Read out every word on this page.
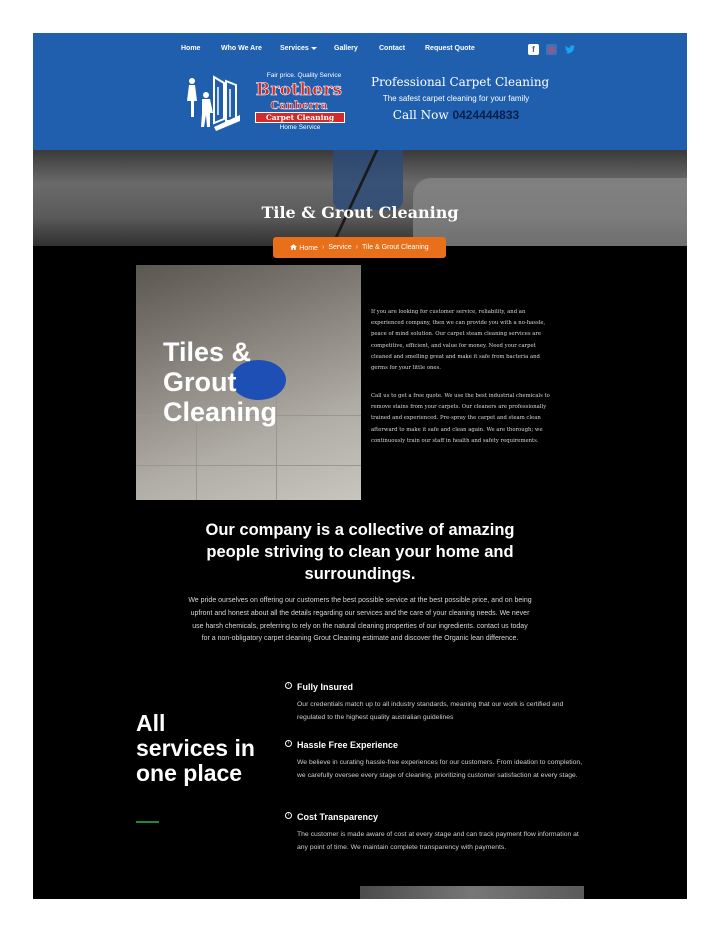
Home	Who We Are	Services	Gallery	Contact	Request Quote	f	◎
Fair price. Quality Service
Brothers
Canberra
Carpet Cleaning
Home Service
Professional Carpet Cleaning
The safest carpet cleaning for your family
Call Now 0424444833
Tile & Grout Cleaning
Home › Service › Tile & Grout Cleaning
Tiles & Grout Cleaning
If you are looking for customer service, reliability, and an experienced company, then we can provide you with a no-hassle, peace of mind solution. Our carpet steam cleaning services are competitive, efficient, and value for money. Need your carpet cleaned and smelling great and make it safe from bacteria and germs for your little ones.
Call us to get a free quote. We use the best industrial chemicals to remove stains from your carpets. Our cleaners are professionally trained and experienced. Pre-spray the carpet and steam clean afterward to make it safe and clean again. We are thorough; we continuously train our staff in health and safety requirements.
Our company is a collective of amazing people striving to clean your home and surroundings.
We pride ourselves on offering our customers the best possible service at the best possible price, and on being upfront and honest about all the details regarding our services and the care of your cleaning needs. We never use harsh chemicals, preferring to rely on the natural cleaning properties of our ingredients. contact us today for a non-obligatory carpet cleaning Grout Cleaning estimate and discover the Organic lean difference.
All services in one place
› Fully Insured
Our credentials match up to all industry standards, meaning that our work is certified and regulated to the highest quality australian guidelines
› Hassle Free Experience
We believe in curating hassle-free experiences for our customers. From ideation to completion, we carefully oversee every stage of cleaning, prioritizing customer satisfaction at every stage.
› Cost Transparency
The customer is made aware of cost at every stage and can track payment flow information at any point of time. We maintain complete transparency with payments.
